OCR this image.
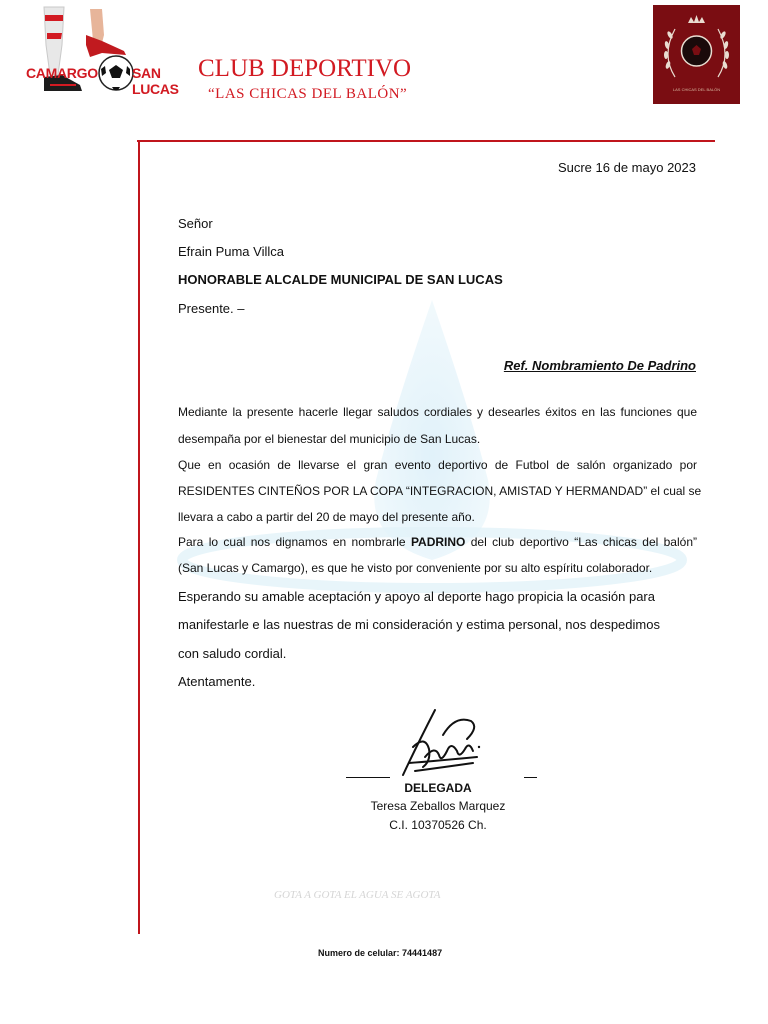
CAMARGO SAN LUCAS
CLUB DEPORTIVO
“LAS CHICAS DEL BALÓN”	LAS CHICAS DEL BALÓN
Sucre 16 de mayo 2023
Señor
Efrain Puma Villca
HONORABLE ALCALDE MUNICIPAL DE SAN LUCAS
Presente. –
Ref. Nombramiento De Padrino
Mediante la presente hacerle llegar saludos cordiales y desearles éxitos en las funciones que
desempaña por el bienestar del municipio de San Lucas.
Que en ocasión de llevarse el gran evento deportivo de Futbol de salón organizado por
RESIDENTES CINTEÑOS POR LA COPA “INTEGRACION, AMISTAD Y HERMANDAD” el cual se
llevara a cabo a partir del 20 de mayo del presente año.
Para lo cual nos dignamos en nombrarle PADRINO del club deportivo “Las chicas del balón”
(San Lucas y Camargo), es que he visto por conveniente por su alto espíritu colaborador.
Esperando su amable aceptación y apoyo al deporte hago propicia la ocasión para
manifestarle e las nuestras de mi consideración y estima personal, nos despedimos
con saludo cordial.
Atentamente.
DELEGADA
Teresa Zeballos Marquez
C.I. 10370526 Ch.
GOTA A GOTA EL AGUA SE AGOTA
Numero de celular: 74441487
